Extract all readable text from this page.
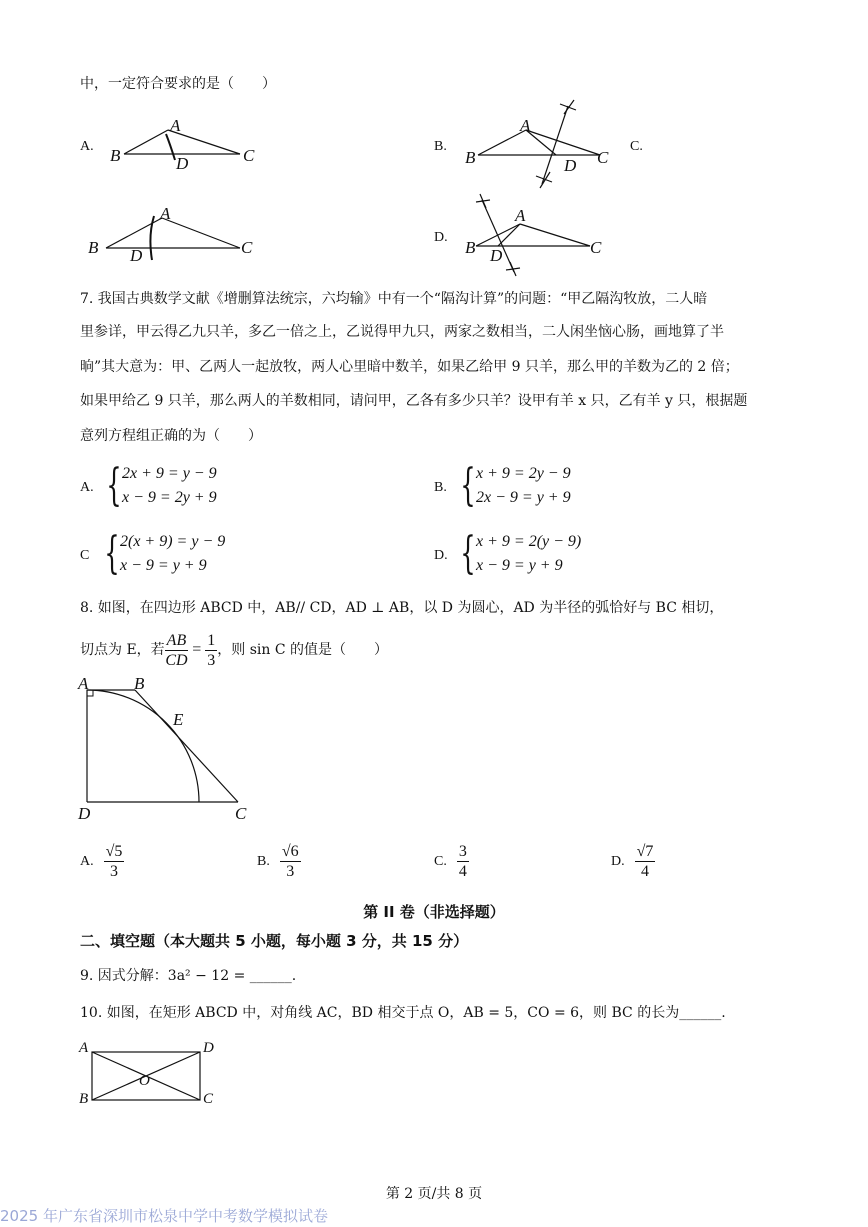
中，一定符合要求的是（　　）
A.
A
B	D	C	B.
A
B	D C
C.
A
B D	C
D.
A
B D	C
7. 我国古典数学文献《增删算法统宗，六均输》中有一个“隔沟计算”的问题：“甲乙隔沟牧放，二人暗
里参详，甲云得乙九只羊，多乙一倍之上，乙说得甲九只，两家之数相当，二人闲坐恼心肠，画地算了半
晌”其大意为：甲、乙两人一起放牧，两人心里暗中数羊，如果乙给甲 9 只羊，那么甲的羊数为乙的 2 倍；
如果甲给乙 9 只羊，那么两人的羊数相同，请问甲，乙各有多少只羊？设甲有羊 x 只，乙有羊 y 只，根据题
意列方程组正确的为（　　）
A. { 2x + 9 = y − 9
x − 9 = 2y + 9
B. { x + 9 = 2y − 9
2x − 9 = y + 9
C { 2(x + 9) = y − 9
x − 9 = y + 9
D. { x + 9 = 2(y − 9)
x − 9 = y + 9
8. 如图，在四边形 ABCD 中，AB// CD，AD ⊥ AB，以 D 为圆心，AD 为半径的弧恰好与 BC 相切，
切点为 E，若 $\frac{AB}{CD} = \frac{1}{3}$ ，则 sin C 的值是（　　）
A	B
E
D	C
A. $\frac{√5}{3}$	B. $\frac{√6}{3}$	C. $\frac{3}{4}$	D. $\frac{√7}{4}$
第 II 卷（非选择题）
二、填空题（本大题共 5 小题，每小题 3 分，共 15 分）
9. 因式分解：3a² − 12 = ______.
10. 如图，在矩形 ABCD 中，对角线 AC，BD 相交于点 O，AB = 5，CO = 6，则 BC 的长为______.
A	D
O
B	C
第 2 页/共 8 页
2025 年广东省深圳市松泉中学中考数学模拟试卷
